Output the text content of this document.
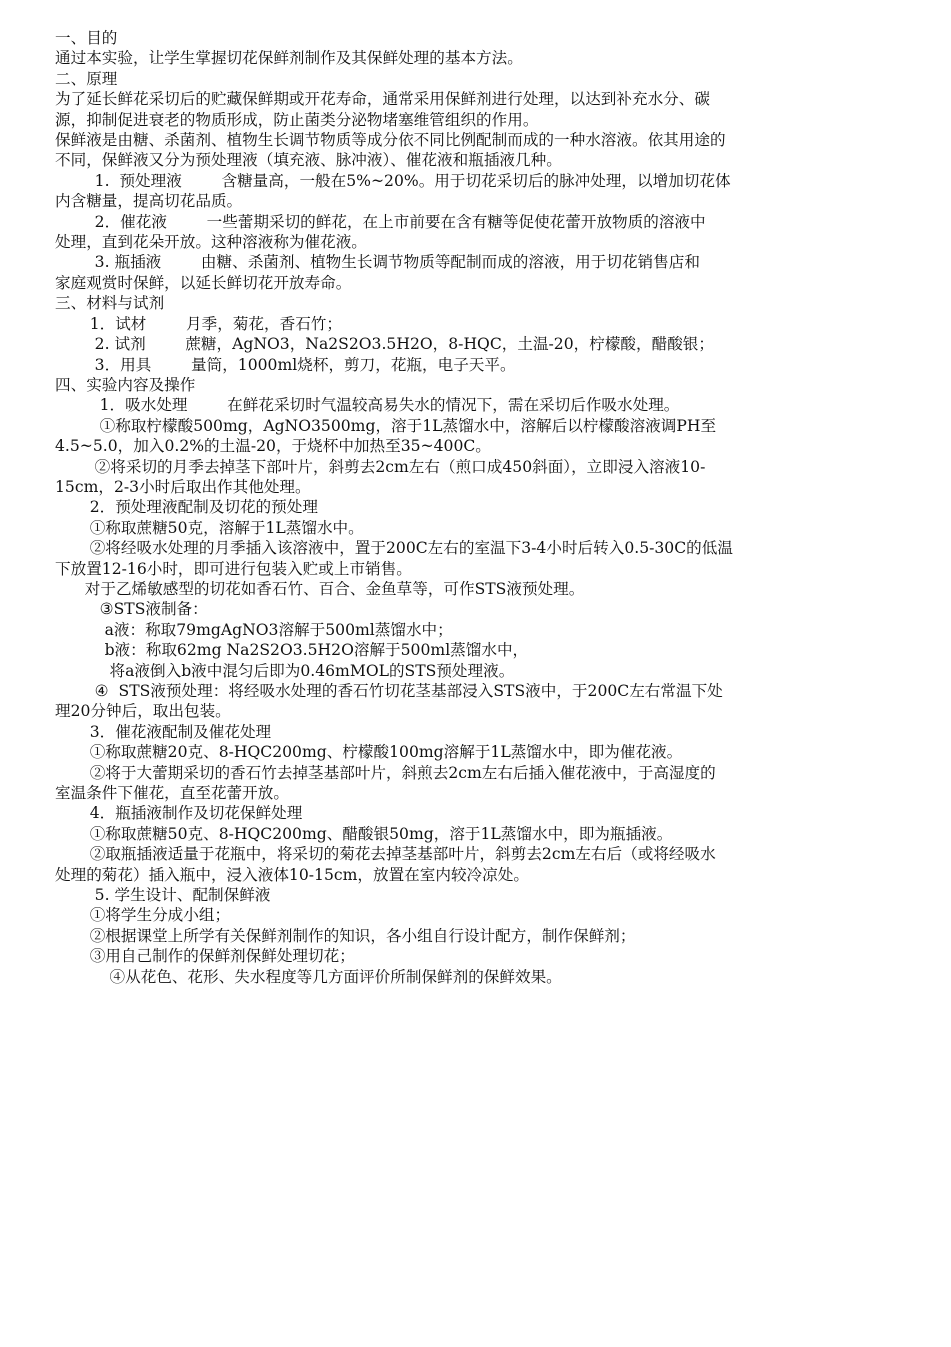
一、目的

通过本实验，让学生掌握切花保鲜剂制作及其保鲜处理的基本方法。

二、原理

为了延长鲜花采切后的贮藏保鲜期或开花寿命，通常采用保鲜剂进行处理，以达到补充水分、碳

源，抑制促进衰老的物质形成，防止菌类分泌物堵塞维管组织的作用。

保鲜液是由糖、杀菌剂、植物生长调节物质等成分依不同比例配制而成的一种水溶液。依其用途的

不同，保鲜液又分为预处理液（填充液、脉冲液）、催花液和瓶插液几种。

1.  预处理液        含糖量高，一般在5%~20%。用于切花采切后的脉冲处理，以增加切花体

内含糖量，提高切花品质。

2．催花液        一些蕾期采切的鲜花，在上市前要在含有糖等促使花蕾开放物质的溶液中

处理，直到花朵开放。这种溶液称为催花液。

3. 瓶插液        由糖、杀菌剂、植物生长调节物质等配制而成的溶液，用于切花销售店和

家庭观赏时保鲜，以延长鲜切花开放寿命。

三、材料与试剂

1．试材        月季，菊花，香石竹；

2. 试剂        蔗糖，AgNO3，Na2S2O3.5H2O，8-HQC，土温-20，柠檬酸，醋酸银；

3．用具        量筒，1000ml烧杯，剪刀，花瓶，电子天平。

四、实验内容及操作

1．吸水处理        在鲜花采切时气温较高易失水的情况下，需在采切后作吸水处理。

①称取柠檬酸500mg，AgNO3500mg，溶于1L蒸馏水中，溶解后以柠檬酸溶液调PH至

4.5~5.0，加入0.2%的土温-20，于烧杯中加热至35~400C。

②将采切的月季去掉茎下部叶片，斜剪去2cm左右（煎口成450斜面），立即浸入溶液10-

15cm，2-3小时后取出作其他处理。

2．预处理液配制及切花的预处理

①称取蔗糖50克，溶解于1L蒸馏水中。

②将经吸水处理的月季插入该溶液中，置于200C左右的室温下3-4小时后转入0.5-30C的低温

下放置12-16小时，即可进行包装入贮或上市销售。

对于乙烯敏感型的切花如香石竹、百合、金鱼草等，可作STS液预处理。

③STS液制备：

a液：称取79mgAgNO3溶解于500ml蒸馏水中；

b液：称取62mg Na2S2O3.5H2O溶解于500ml蒸馏水中，

将a液倒入b液中混匀后即为0.46mMOL的STS预处理液。

④  STS液预处理：将经吸水处理的香石竹切花茎基部浸入STS液中，于200C左右常温下处

理20分钟后，取出包装。

3．催花液配制及催花处理

①称取蔗糖20克、8-HQC200mg、柠檬酸100mg溶解于1L蒸馏水中，即为催花液。

②将于大蕾期采切的香石竹去掉茎基部叶片，斜煎去2cm左右后插入催花液中，于高湿度的

室温条件下催花，直至花蕾开放。

4．瓶插液制作及切花保鲜处理

①称取蔗糖50克、8-HQC200mg、醋酸银50mg，溶于1L蒸馏水中，即为瓶插液。

②取瓶插液适量于花瓶中，将采切的菊花去掉茎基部叶片，斜剪去2cm左右后（或将经吸水

处理的菊花）插入瓶中，浸入液体10-15cm，放置在室内较冷凉处。

5. 学生设计、配制保鲜液

①将学生分成小组；

②根据课堂上所学有关保鲜剂制作的知识，各小组自行设计配方，制作保鲜剂；

③用自己制作的保鲜剂保鲜处理切花；

④从花色、花形、失水程度等几方面评价所制保鲜剂的保鲜效果。
